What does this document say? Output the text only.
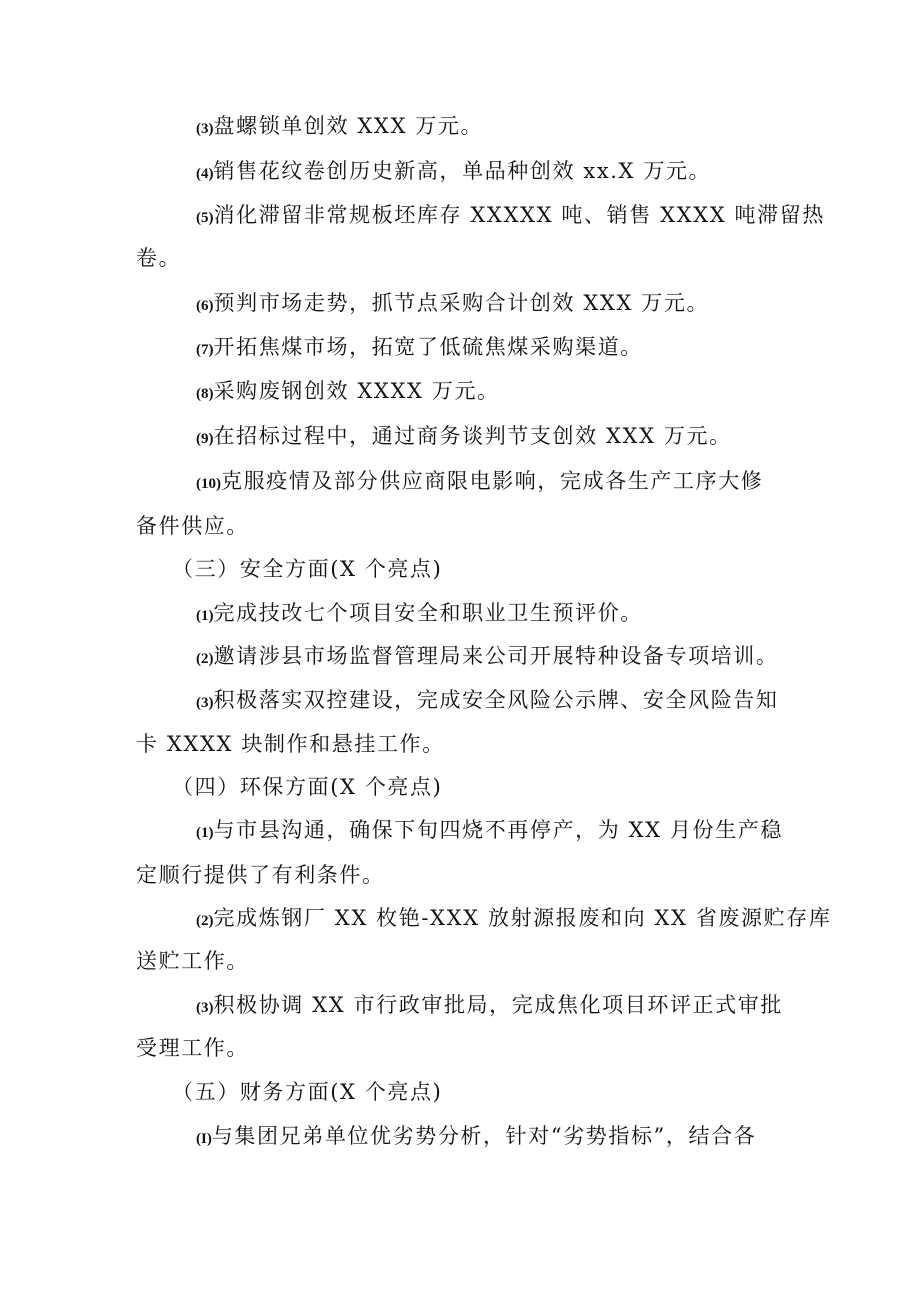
(3)盘螺锁单创效 XXX 万元。
(4)销售花纹卷创历史新高，单品种创效 xx.X 万元。
(5)消化滞留非常规板坯库存 XXXXX 吨、销售 XXXX 吨滞留热
卷。
(6)预判市场走势，抓节点采购合计创效 XXX 万元。
(7)开拓焦煤市场，拓宽了低硫焦煤采购渠道。
(8)采购废钢创效 XXXX 万元。
(9)在招标过程中，通过商务谈判节支创效 XXX 万元。
(10)克服疫情及部分供应商限电影响，完成各生产工序大修
备件供应。
（三）安全方面(X 个亮点)
(1)完成技改七个项目安全和职业卫生预评价。
(2)邀请涉县市场监督管理局来公司开展特种设备专项培训。
(3)积极落实双控建设，完成安全风险公示牌、安全风险告知
卡 XXXX 块制作和悬挂工作。
（四）环保方面(X 个亮点)
(1)与市县沟通，确保下旬四烧不再停产，为 XX 月份生产稳
定顺行提供了有利条件。
(2)完成炼钢厂 XX 枚铯-XXX 放射源报废和向 XX 省废源贮存库
送贮工作。
(3)积极协调 XX 市行政审批局，完成焦化项目环评正式审批
受理工作。
（五）财务方面(X 个亮点)
(I)与集团兄弟单位优劣势分析，针对“劣势指标”，结合各
